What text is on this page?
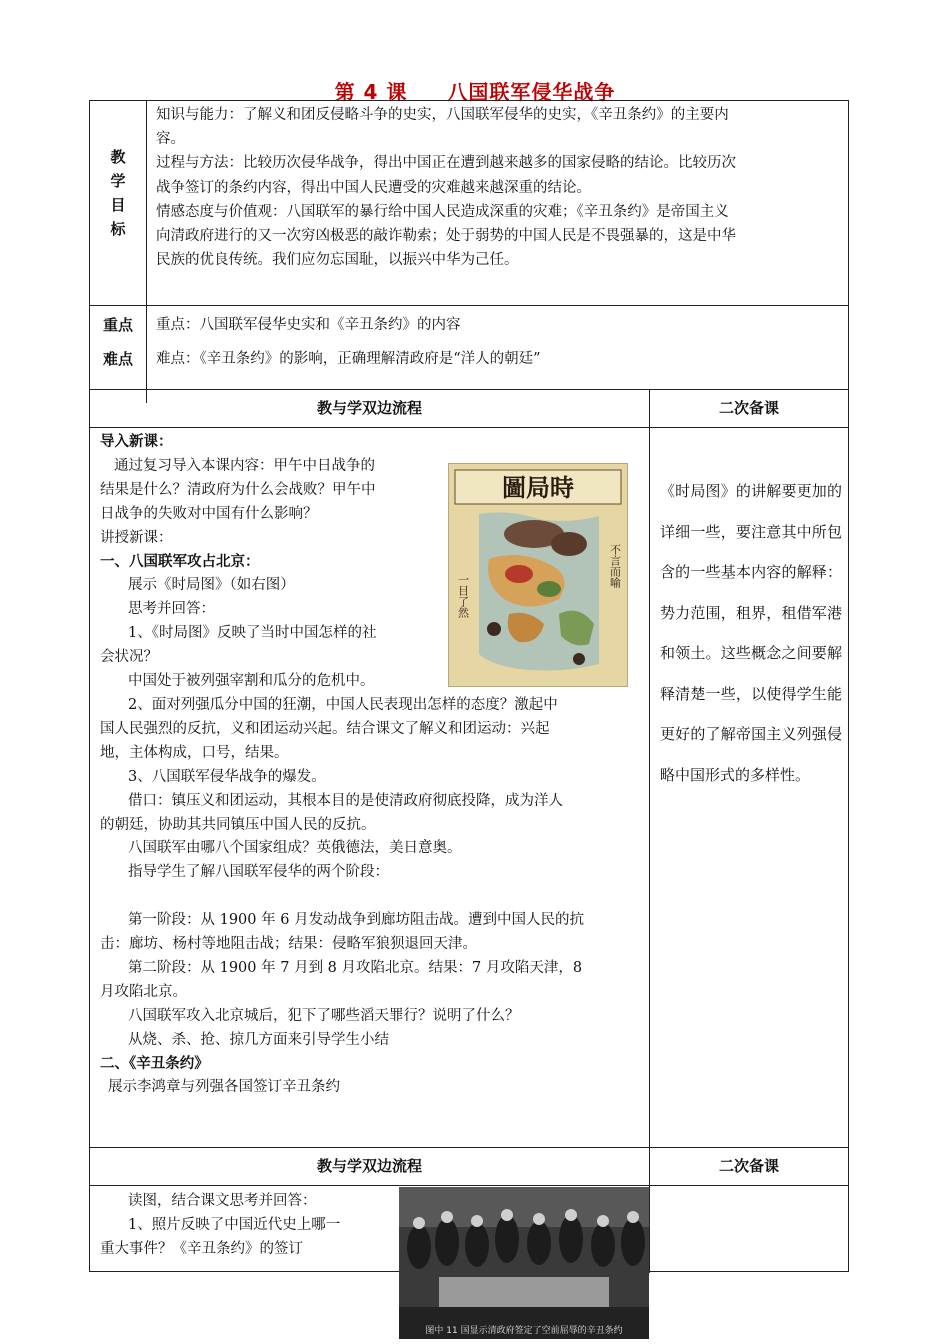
第 4 课 八国联军侵华战争
教
学
目
标
知识与能力：了解义和团反侵略斗争的史实，八国联军侵华的史实，《辛丑条约》的主要内
容。
过程与方法：比较历次侵华战争，得出中国正在遭到越来越多的国家侵略的结论。比较历次
战争签订的条约内容，得出中国人民遭受的灾难越来越深重的结论。
情感态度与价值观：八国联军的暴行给中国人民造成深重的灾难；《辛丑条约》是帝国主义
向清政府进行的又一次穷凶极恶的敲诈勒索；处于弱势的中国人民是不畏强暴的，这是中华
民族的优良传统。我们应勿忘国耻，以振兴中华为己任。
重点
难点
重点：八国联军侵华史实和《辛丑条约》的内容
难点：《辛丑条约》的影响，正确理解清政府是“洋人的朝廷”
教与学双边流程	二次备课
导入新课：
通过复习导入本课内容：甲午中日战争的
结果是什么？清政府为什么会战败？甲午中
日战争的失败对中国有什么影响？
讲授新课：
一、八国联军攻占北京：
展示《时局图》（如右图）
思考并回答：
1、《时局图》反映了当时中国怎样的社
会状况？
中国处于被列强宰割和瓜分的危机中。
2、面对列强瓜分中国的狂潮，中国人民表现出怎样的态度？激起中
国人民强烈的反抗，义和团运动兴起。结合课文了解义和团运动：兴起
地，主体构成，口号，结果。
3、八国联军侵华战争的爆发。
借口：镇压义和团运动，其根本目的是使清政府彻底投降，成为洋人
的朝廷，协助其共同镇压中国人民的反抗。
八国联军由哪八个国家组成？英俄德法，美日意奥。
指导学生了解八国联军侵华的两个阶段：
第一阶段：从 1900 年 6 月发动战争到廊坊阻击战。遭到中国人民的抗
击：廊坊、杨村等地阻击战；结果：侵略军狼狈退回天津。
第二阶段：从 1900 年 7 月到 8 月攻陷北京。结果：7 月攻陷天津，8
月攻陷北京。
八国联军攻入北京城后，犯下了哪些滔天罪行？说明了什么？
从烧、杀、抢、掠几方面来引导学生小结
二、《辛丑条约》
展示李鸿章与列强各国签订辛丑条约
圖局時
一目了然
不言而喻
《时局图》的讲解要更加的详细一些，要注意其中所包含的一些基本内容的解释：势力范围，租界，租借军港和领土。这些概念之间要解释清楚一些，以使得学生能更好的了解帝国主义列强侵略中国形式的多样性。
教与学双边流程	二次备课
读图，结合课文思考并回答：
1、照片反映了中国近代史上哪一
重大事件？《辛丑条约》的签订
图中 11 国显示清政府签定了空前屈辱的辛丑条约
